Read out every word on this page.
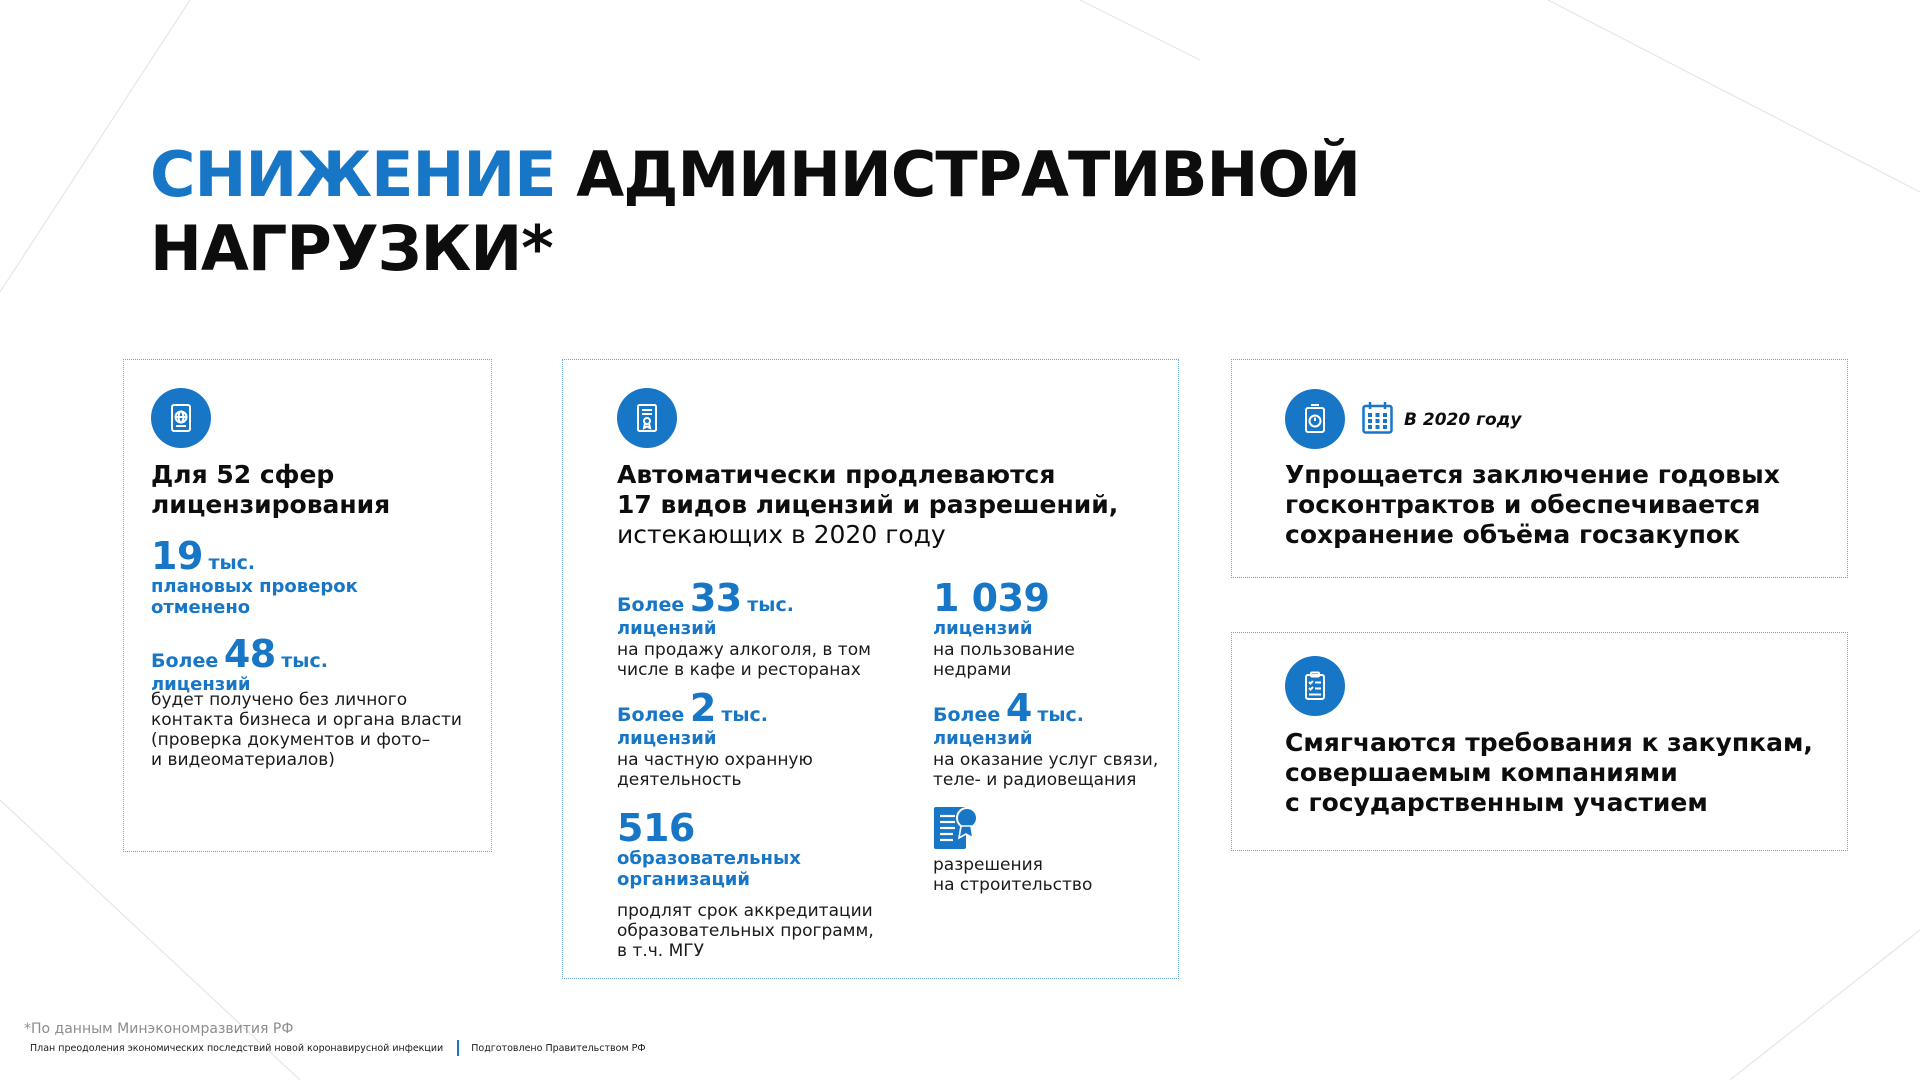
СНИЖЕНИЕ АДМИНИСТРАТИВНОЙ
НАГРУЗКИ*
Для 52 сфер
лицензирования
19 тыс.
плановых проверок
отменено
Более 48 тыс.
лицензий
будет получено без личного
контакта бизнеса и органа власти
(проверка документов и фото–
и видеоматериалов)
Автоматически продлеваются
17 видов лицензий и разрешений,
истекающих в 2020 году
Более 33 тыс.
лицензий
на продажу алкоголя, в том
числе в кафе и ресторанах
1 039
лицензий
на пользование
недрами
Более 2 тыс.
лицензий
на частную охранную
деятельность
Более 4 тыс.
лицензий
на оказание услуг связи,
теле- и радиовещания
516
образовательных
организаций
продлят срок аккредитации
образовательных программ,
в т.ч. МГУ
разрешения
на строительство
В 2020 году
Упрощается заключение годовых
госконтрактов и обеспечивается
сохранение объёма госзакупок
Смягчаются требования к закупкам,
совершаемым компаниями
с государственным участием
*По данным Минэкономразвития РФ
План преодоления экономических последствий новой коронавирусной инфекции	Подготовлено Правительством РФ
